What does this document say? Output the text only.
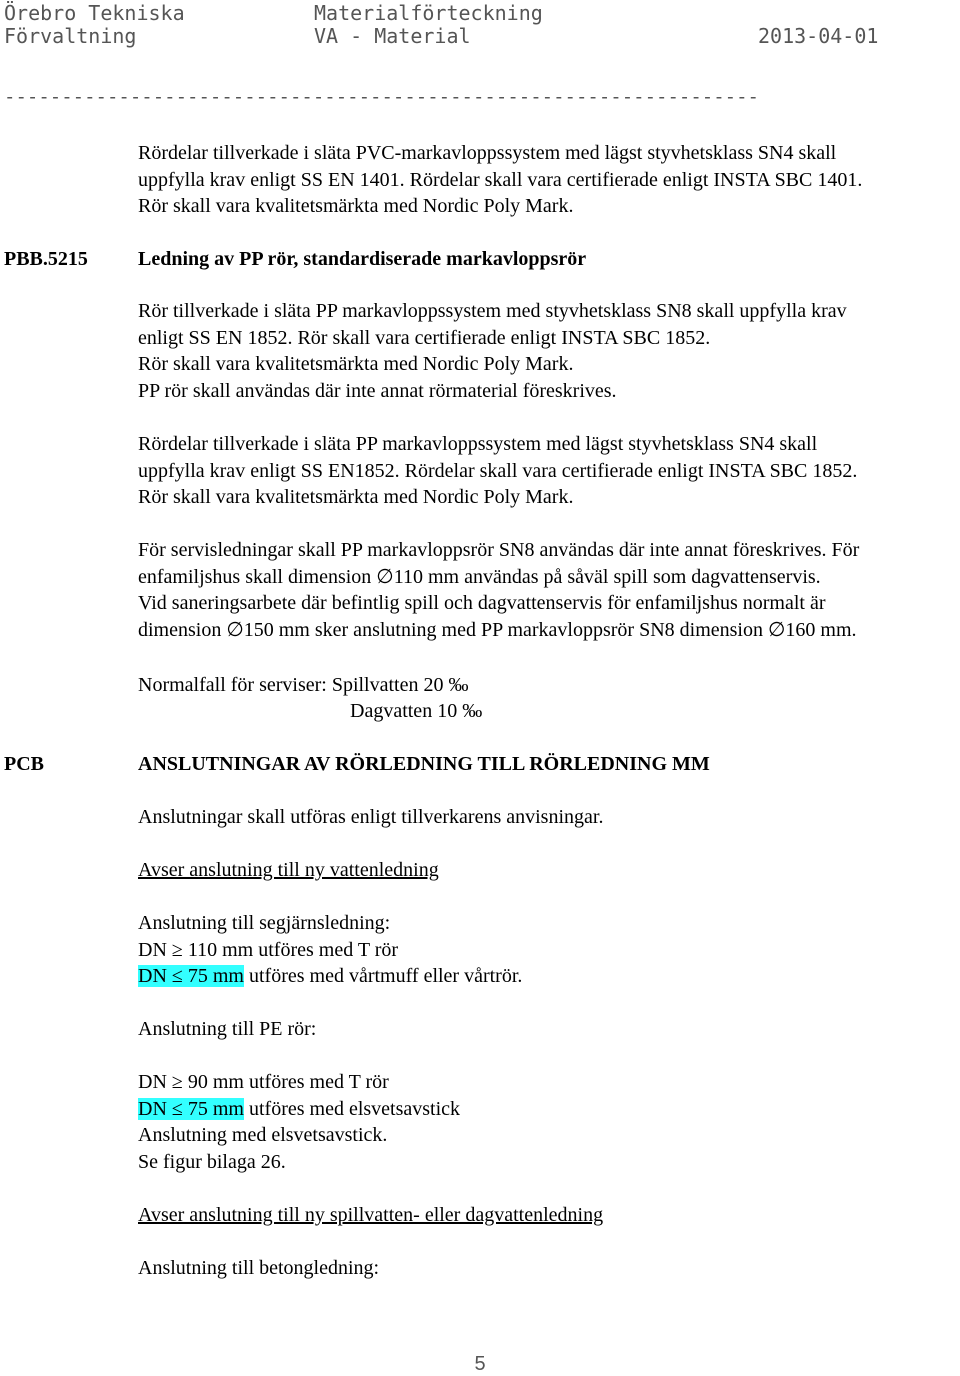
Örebro Tekniska
Förvaltning
Materialförteckning
VA - Material	2013-04-01
------------------------------------------------------------------
Rördelar tillverkade i släta PVC-markavloppssystem med lägst styvhetsklass SN4 skall
uppfylla krav enligt SS EN 1401. Rördelar skall vara certifierade enligt INSTA SBC 1401.
Rör skall vara kvalitetsmärkta med Nordic Poly Mark.
PBB.5215	Ledning av PP rör, standardiserade markavloppsrör
Rör tillverkade i släta PP markavloppssystem med styvhetsklass SN8 skall uppfylla krav
enligt SS EN 1852. Rör skall vara certifierade enligt INSTA SBC 1852.
Rör skall vara kvalitetsmärkta med Nordic Poly Mark.
PP rör skall användas där inte annat rörmaterial föreskrives.
Rördelar tillverkade i släta PP markavloppssystem med lägst styvhetsklass SN4 skall
uppfylla krav enligt SS EN1852. Rördelar skall vara certifierade enligt INSTA SBC 1852.
Rör skall vara kvalitetsmärkta med Nordic Poly Mark.
För servisledningar skall PP markavloppsrör SN8 användas där inte annat föreskrives. För
enfamiljshus skall dimension ∅110 mm användas på såväl spill som dagvattenservis.
Vid saneringsarbete där befintlig spill och dagvattenservis för enfamiljshus normalt är
dimension ∅150 mm sker anslutning med PP markavloppsrör SN8 dimension ∅160 mm.
Normalfall för serviser: Spillvatten 20 ‰
Dagvatten 10 ‰
PCB	ANSLUTNINGAR AV RÖRLEDNING TILL RÖRLEDNING MM
Anslutningar skall utföras enligt tillverkarens anvisningar.
Avser anslutning till ny vattenledning
Anslutning till segjärnsledning:
DN ≥ 110 mm utföres med T rör
DN ≤ 75 mm utföres med vårtmuff eller vårtrör.
Anslutning till PE rör:
DN ≥ 90 mm utföres med T rör
DN ≤ 75 mm utföres med elsvetsavstick
Anslutning med elsvetsavstick.
Se figur bilaga 26.
Avser anslutning till ny spillvatten- eller dagvattenledning
Anslutning till betongledning:
5
